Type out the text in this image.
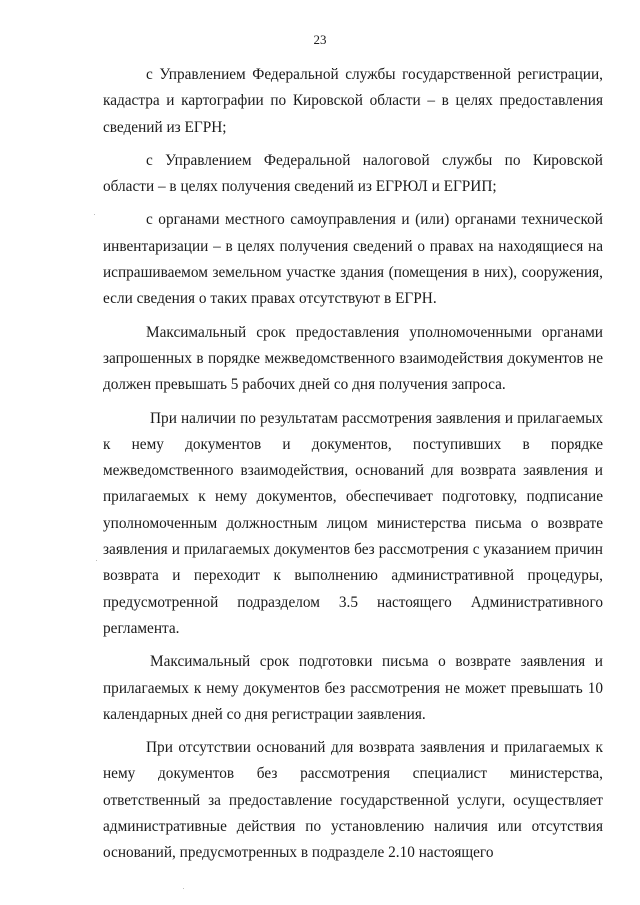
23

с Управлением Федеральной службы государственной регистрации, кадастра и картографии по Кировской области – в целях предоставления сведений из ЕГРН;

с Управлением Федеральной налоговой службы по Кировской области – в целях получения сведений из ЕГРЮЛ и ЕГРИП;

с органами местного самоуправления и (или) органами технической инвентаризации – в целях получения сведений о правах на находящиеся на испрашиваемом земельном участке здания (помещения в них), сооружения, если сведения о таких правах отсутствуют в ЕГРН.

Максимальный срок предоставления уполномоченными органами запрошенных в порядке межведомственного взаимодействия документов не должен превышать 5 рабочих дней со дня получения запроса.

При наличии по результатам рассмотрения заявления и прилагаемых к нему документов и документов, поступивших в порядке межведомственного взаимодействия, оснований для возврата заявления и прилагаемых к нему документов, обеспечивает подготовку, подписание уполномоченным должностным лицом министерства письма о возврате заявления и прилагаемых документов без рассмотрения с указанием причин возврата и переходит к выполнению административной процедуры, предусмотренной подразделом 3.5 настоящего Административного регламента.

Максимальный срок подготовки письма о возврате заявления и прилагаемых к нему документов без рассмотрения не может превышать 10 календарных дней со дня регистрации заявления.

При отсутствии оснований для возврата заявления и прилагаемых к нему документов без рассмотрения специалист министерства, ответственный за предоставление государственной услуги, осуществляет административные действия по установлению наличия или отсутствия оснований, предусмотренных в подразделе 2.10 настоящего
